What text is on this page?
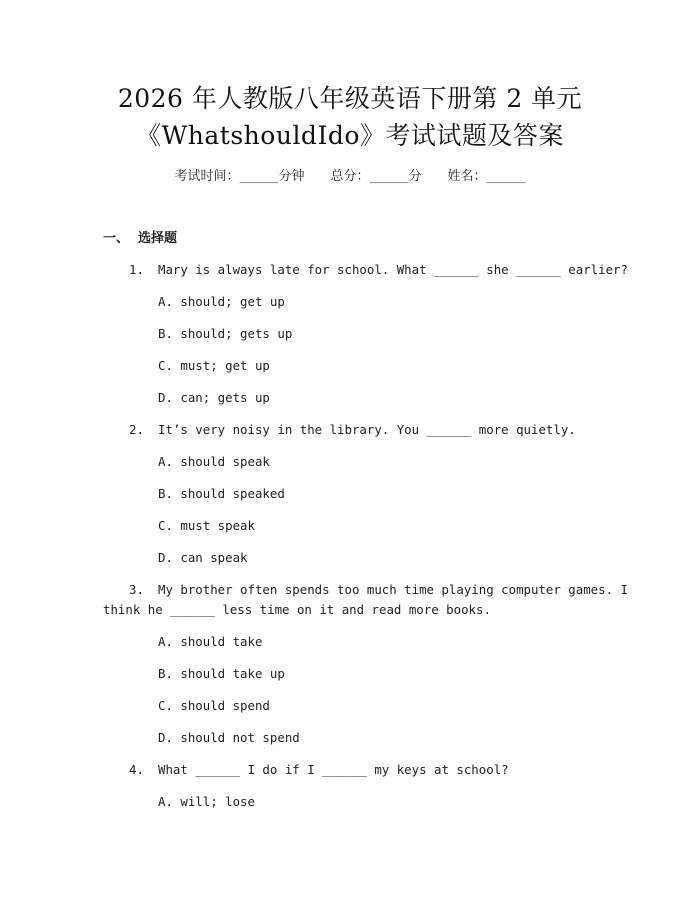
2026 年人教版八年级英语下册第 2 单元
《WhatshouldIdo》考试试题及答案
考试时间：______分钟 总分：______分 姓名：______
一、  选择题
1. Mary is always late for school. What ______ she ______ earlier?
A. should; get up
B. should; gets up
C. must; get up
D. can; gets up
2. It’s very noisy in the library. You ______ more quietly.
A. should speak
B. should speaked
C. must speak
D. can speak
3. My brother often spends too much time playing computer games. I
think he ______ less time on it and read more books.
A. should take
B. should take up
C. should spend
D. should not spend
4. What ______ I do if I ______ my keys at school?
A. will; lose
